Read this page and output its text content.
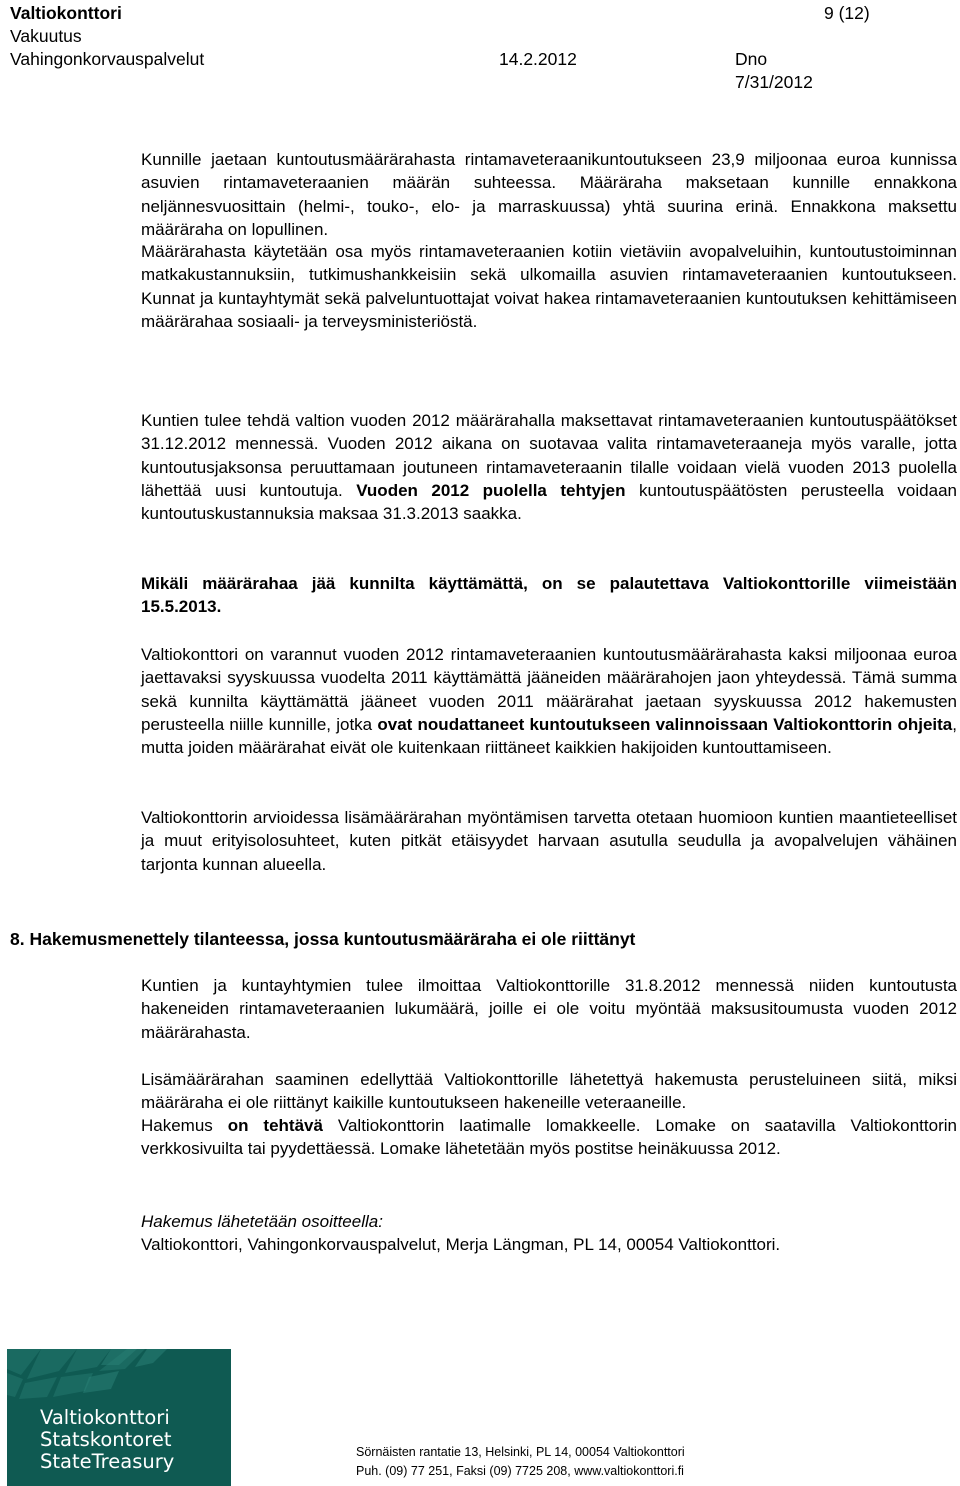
Valtiokonttori	9 (12)
Vakuutus
Vahingonkorvauspalvelut	14.2.2012	Dno
7/31/2012

Kunnille jaetaan kuntoutusmäärärahasta rintamaveteraanikuntoutukseen 23,9 miljoonaa euroa kunnissa asuvien rintamaveteraanien määrän suhteessa. Määräraha maksetaan kunnille ennakkona neljännesvuosittain (helmi-, touko-, elo- ja marraskuussa) yhtä suurina erinä. Ennakkona maksettu määräraha on lopullinen.

Määrärahasta käytetään osa myös rintamaveteraanien kotiin vietäviin avopalveluihin, kuntoutustoiminnan matkakustannuksiin, tutkimushankkeisiin sekä ulkomailla asuvien rintamaveteraanien kuntoutukseen. Kunnat ja kuntayhtymät sekä palveluntuottajat voivat hakea rintamaveteraanien kuntoutuksen kehittämiseen määrärahaa sosiaali- ja terveysministeriöstä.

Kuntien tulee tehdä valtion vuoden 2012 määrärahalla maksettavat rintamaveteraanien kuntoutuspäätökset 31.12.2012 mennessä. Vuoden 2012 aikana on suotavaa valita rintamaveteraaneja myös varalle, jotta kuntoutusjaksonsa peruuttamaan joutuneen rintamaveteraanin tilalle voidaan vielä vuoden 2013 puolella lähettää uusi kuntoutuja. Vuoden 2012 puolella tehtyjen kuntoutuspäätösten perusteella voidaan kuntoutuskustannuksia maksaa 31.3.2013 saakka.

Mikäli määrärahaa jää kunnilta käyttämättä, on se palautettava Valtiokonttorille viimeistään 15.5.2013.

Valtiokonttori on varannut vuoden 2012 rintamaveteraanien kuntoutusmäärärahasta kaksi miljoonaa euroa jaettavaksi syyskuussa vuodelta 2011 käyttämättä jääneiden määrärahojen jaon yhteydessä. Tämä summa sekä kunnilta käyttämättä jääneet vuoden 2011 määrärahat jaetaan syyskuussa 2012 hakemusten perusteella niille kunnille, jotka ovat noudattaneet kuntoutukseen valinnoissaan Valtiokonttorin ohjeita, mutta joiden määrärahat eivät ole kuitenkaan riittäneet kaikkien hakijoiden kuntouttamiseen.

Valtiokonttorin arvioidessa lisämäärärahan myöntämisen tarvetta otetaan huomioon kuntien maantieteelliset ja muut erityisolosuhteet, kuten pitkät etäisyydet harvaan asutulla seudulla ja avopalvelujen vähäinen tarjonta kunnan alueella.

8. Hakemusmenettely tilanteessa, jossa kuntoutusmääräraha ei ole riittänyt

Kuntien ja kuntayhtymien tulee ilmoittaa Valtiokonttorille 31.8.2012 mennessä niiden kuntoutusta hakeneiden rintamaveteraanien lukumäärä, joille ei ole voitu myöntää maksusitoumusta vuoden 2012 määrärahasta.

Lisämäärärahan saaminen edellyttää Valtiokonttorille lähetettyä hakemusta perusteluineen siitä, miksi määräraha ei ole riittänyt kaikille kuntoutukseen hakeneille veteraaneille.

Hakemus on tehtävä Valtiokonttorin laatimalle lomakkeelle. Lomake on saatavilla Valtiokonttorin verkkosivuilta tai pyydettäessä. Lomake lähetetään myös postitse heinäkuussa 2012.

Hakemus lähetetään osoitteella:

Valtiokonttori, Vahingonkorvauspalvelut, Merja Längman, PL 14, 00054 Valtiokonttori.

Valtiokonttori
Statskontoret
StateTreasury	Sörnäisten rantatie 13, Helsinki, PL 14, 00054 Valtiokonttori
Puh. (09) 77 251, Faksi (09) 7725 208, www.valtiokonttori.fi
